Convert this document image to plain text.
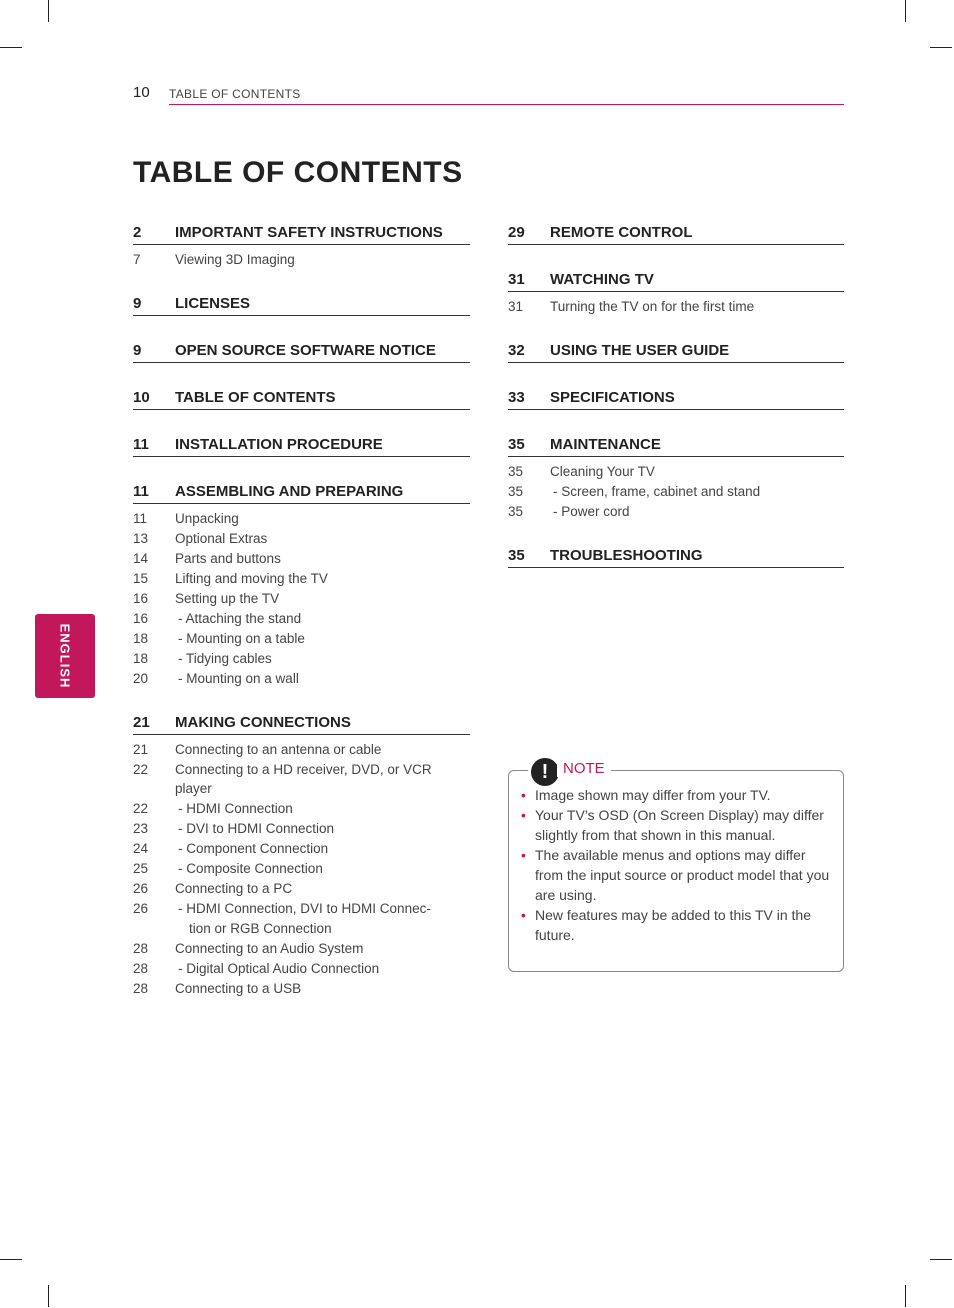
10 TABLE OF CONTENTS
TABLE OF CONTENTS
2	IMPORTANT SAFETY INSTRUCTIONS
7	Viewing 3D Imaging
9	LICENSES
9	OPEN SOURCE SOFTWARE NOTICE
10	TABLE OF CONTENTS
11	INSTALLATION PROCEDURE
11	ASSEMBLING AND PREPARING
11	Unpacking
13	Optional Extras
14	Parts and buttons
15	Lifting and moving the TV
16	Setting up the TV
16	- Attaching the stand
18	- Mounting on a table
18	- Tidying cables
20	- Mounting on a wall
21	MAKING CONNECTIONS
21	Connecting to an antenna or cable
22	Connecting to a HD receiver, DVD, or VCR player
22	- HDMI Connection
23	- DVI to HDMI Connection
24	- Component Connection
25	- Composite Connection
26	Connecting to a PC
26	- HDMI Connection, DVI to HDMI Connec-
tion or RGB Connection
28	Connecting to an Audio System
28	- Digital Optical Audio Connection
28	Connecting to a USB
29	REMOTE CONTROL
31	WATCHING TV
31	Turning the TV on for the first time
32	USING THE USER GUIDE
33	SPECIFICATIONS
35	MAINTENANCE
35	Cleaning Your TV
35	- Screen, frame, cabinet and stand
35	- Power cord
35	TROUBLESHOOTING
ENGLISH
! NOTE
• Image shown may differ from your TV.
• Your TV’s OSD (On Screen Display) may differ slightly from that shown in this manual.
• The available menus and options may differ from the input source or product model that you are using.
• New features may be added to this TV in the future.
